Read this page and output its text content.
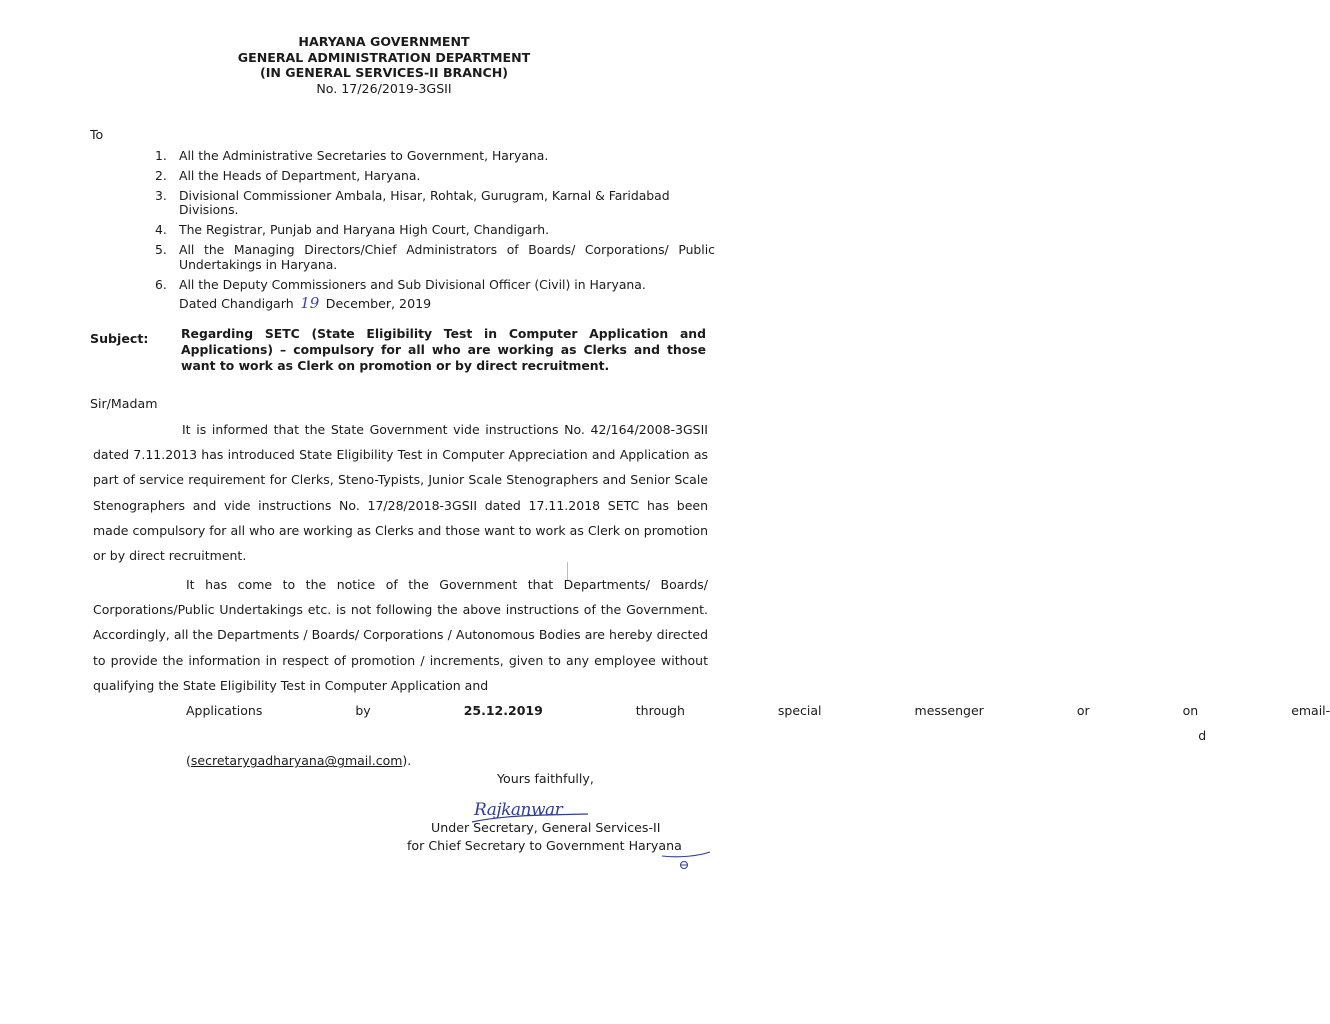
HARYANA GOVERNMENT
GENERAL ADMINISTRATION DEPARTMENT
(IN GENERAL SERVICES-II BRANCH)
No. 17/26/2019-3GSII
To
1. All the Administrative Secretaries to Government, Haryana.
2. All the Heads of Department, Haryana.
3. Divisional Commissioner Ambala, Hisar, Rohtak, Gurugram, Karnal & Faridabad Divisions.
4. The Registrar, Punjab and Haryana High Court, Chandigarh.
5. All the Managing Directors/Chief Administrators of Boards/ Corporations/ Public Undertakings in Haryana.
6. All the Deputy Commissioners and Sub Divisional Officer (Civil) in Haryana.
Dated Chandigarh 19 December, 2019
Subject:	Regarding SETC (State Eligibility Test in Computer Application and Applications) – compulsory for all who are working as Clerks and those want to work as Clerk on promotion or by direct recruitment.
Sir/Madam

It is informed that the State Government vide instructions No. 42/164/2008-3GSII dated 7.11.2013 has introduced State Eligibility Test in Computer Appreciation and Application as part of service requirement for Clerks, Steno-Typists, Junior Scale Stenographers and Senior Scale Stenographers and vide instructions No. 17/28/2018-3GSII dated 17.11.2018 SETC has been made compulsory for all who are working as Clerks and those want to work as Clerk on promotion or by direct recruitment.

It has come to the notice of the Government that Departments/ Boards/ Corporations/Public Undertakings etc. is not following the above instructions of the Government. Accordingly, all the Departments / Boards/ Corporations / Autonomous Bodies are hereby directed to provide the information in respect of promotion / increments, given to any employee without qualifying the State Eligibility Test in Computer Application and
Applications	by	25.12.2019	through	special	messenger	or	on	email-d
(secretarygadharyana@gmail.com).
Yours faithfully,
Rajkanwar
Under Secretary, General Services-II
for Chief Secretary to Government Haryana
